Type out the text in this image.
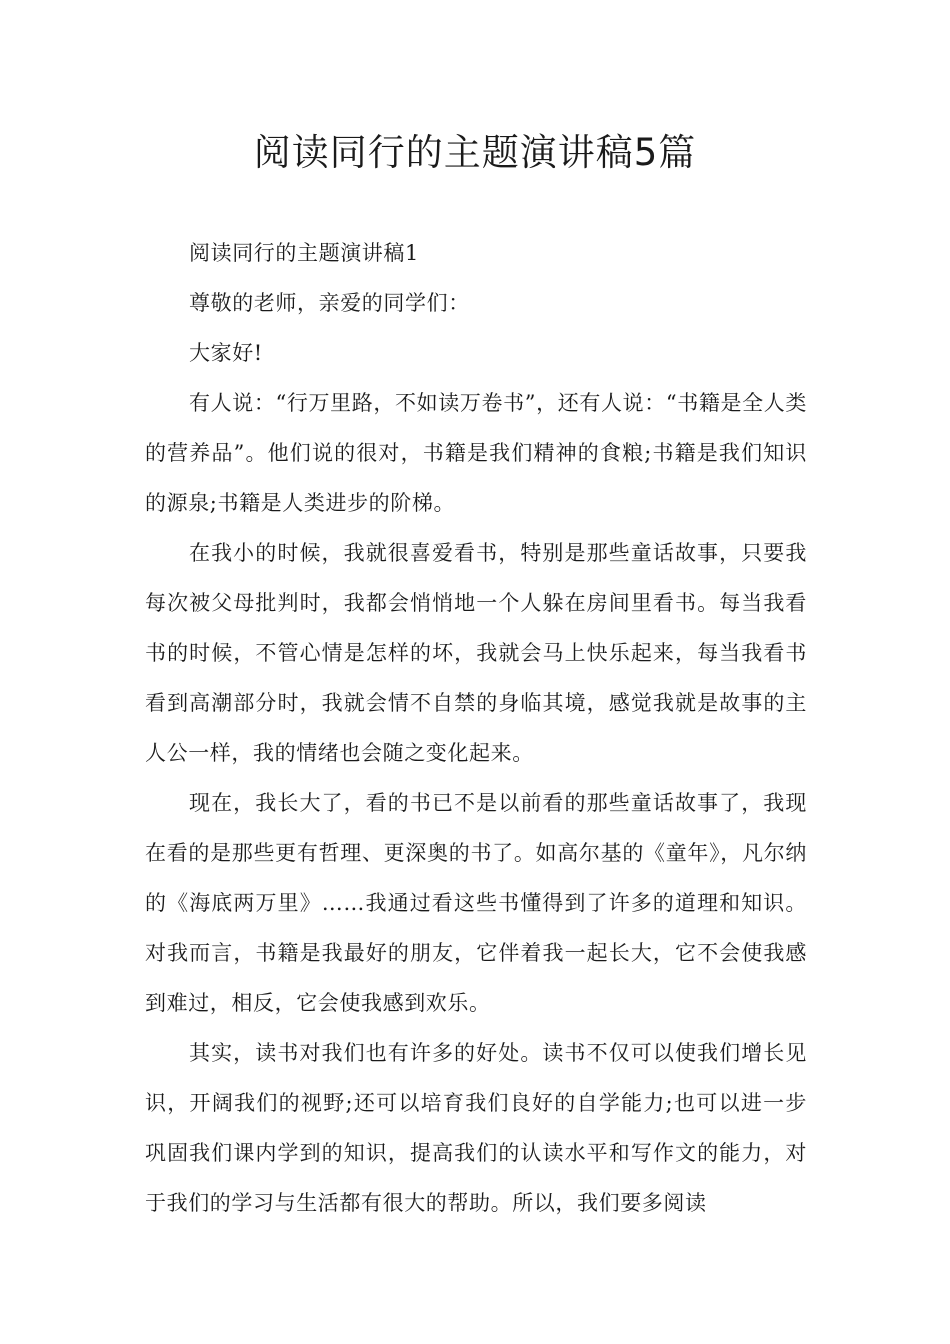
阅读同行的主题演讲稿5篇

阅读同行的主题演讲稿1

尊敬的老师，亲爱的同学们：

大家好!

有人说：“行万里路，不如读万卷书”，还有人说：“书籍是全人类的营养品”。他们说的很对，书籍是我们精神的食粮;书籍是我们知识的源泉;书籍是人类进步的阶梯。

在我小的时候，我就很喜爱看书，特别是那些童话故事，只要我每次被父母批判时，我都会悄悄地一个人躲在房间里看书。每当我看书的时候，不管心情是怎样的坏，我就会马上快乐起来，每当我看书看到高潮部分时，我就会情不自禁的身临其境，感觉我就是故事的主人公一样，我的情绪也会随之变化起来。

现在，我长大了，看的书已不是以前看的那些童话故事了，我现在看的是那些更有哲理、更深奥的书了。如高尔基的《童年》，凡尔纳的《海底两万里》……我通过看这些书懂得到了许多的道理和知识。对我而言，书籍是我最好的朋友，它伴着我一起长大，它不会使我感到难过，相反，它会使我感到欢乐。

其实，读书对我们也有许多的好处。读书不仅可以使我们增长见识，开阔我们的视野;还可以培育我们良好的自学能力;也可以进一步巩固我们课内学到的知识，提高我们的认读水平和写作文的能力，对于我们的学习与生活都有很大的帮助。所以，我们要多阅读
